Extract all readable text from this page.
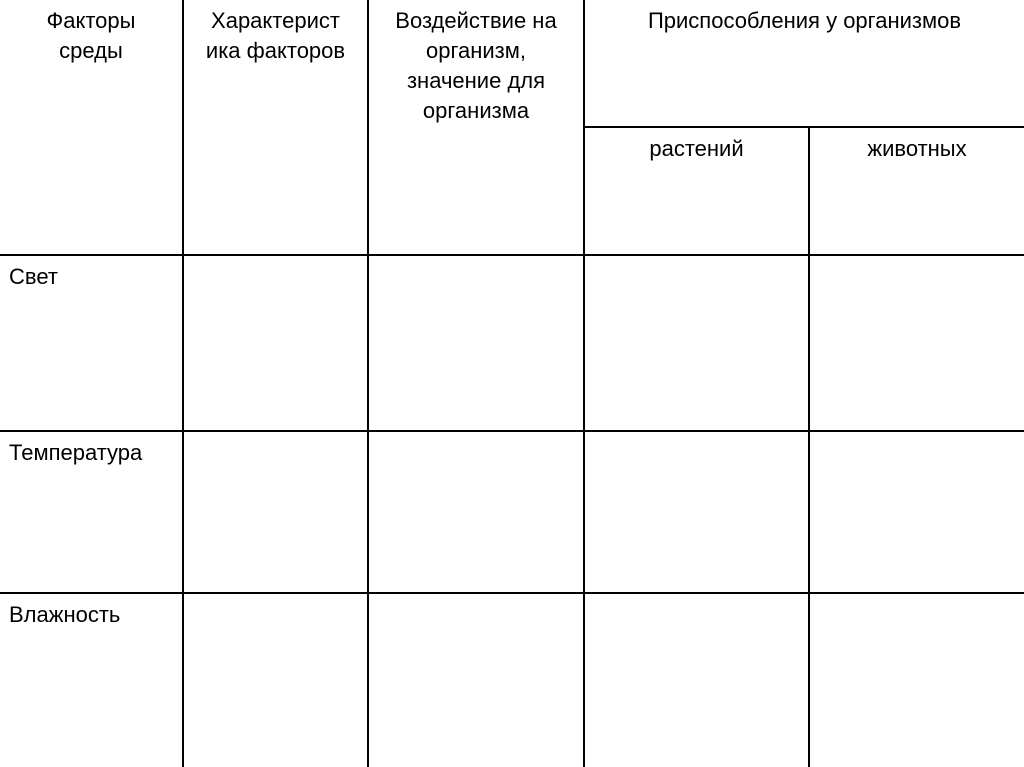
Факторы
среды
Характерист
ика факторов
Воздействие на
организм,
значение для
организма
Приспособления у организмов
растений	животных
Свет
Температура
Влажность
